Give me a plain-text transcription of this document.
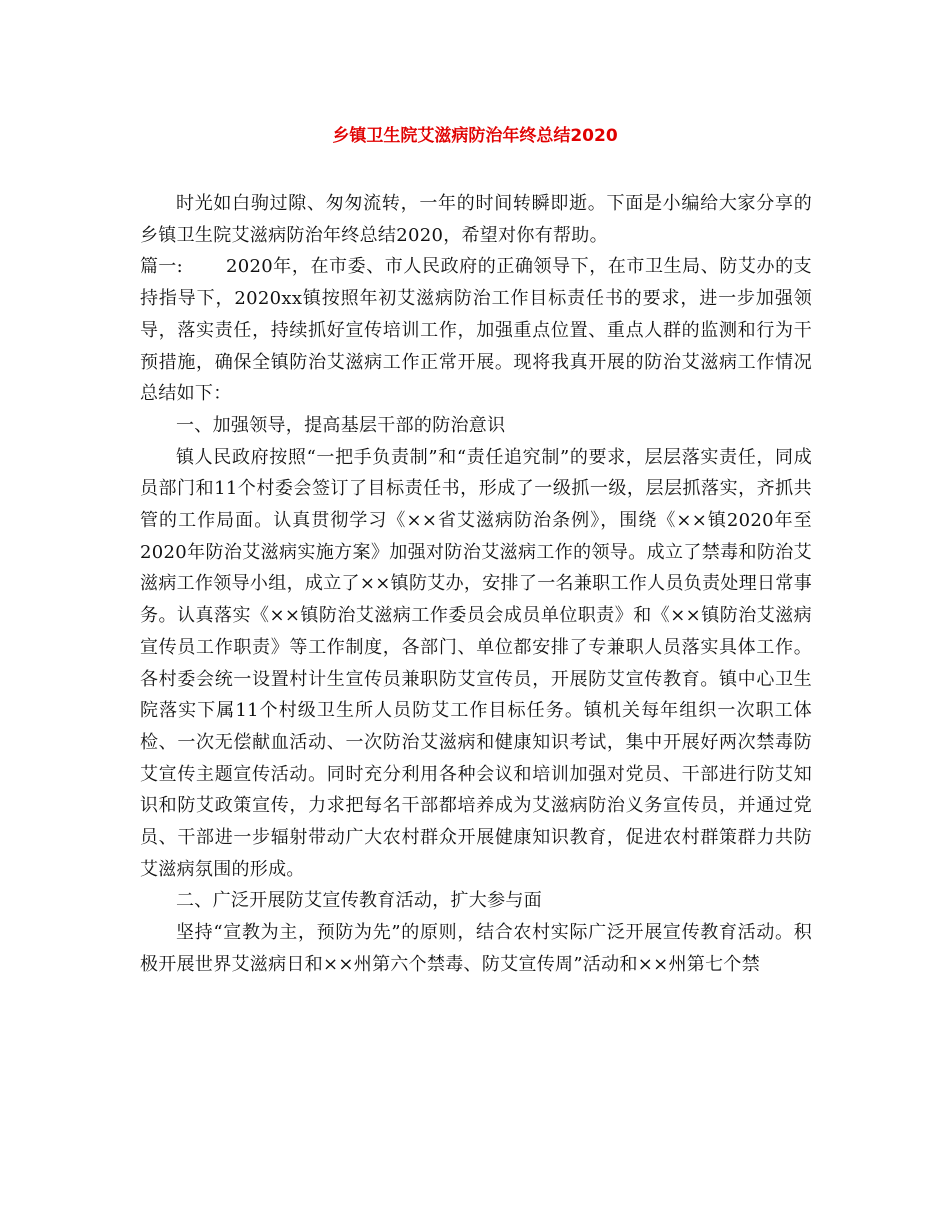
乡镇卫生院艾滋病防治年终总结2020

时光如白驹过隙、匆匆流转，一年的时间转瞬即逝。下面是小编给大家分享的乡镇卫生院艾滋病防治年终总结2020，希望对你有帮助。

篇一: 2020年，在市委、市人民政府的正确领导下，在市卫生局、防艾办的支持指导下，2020xx镇按照年初艾滋病防治工作目标责任书的要求，进一步加强领导，落实责任，持续抓好宣传培训工作，加强重点位置、重点人群的监测和行为干预措施，确保全镇防治艾滋病工作正常开展。现将我真开展的防治艾滋病工作情况总结如下：

一、加强领导，提高基层干部的防治意识

镇人民政府按照“一把手负责制”和“责任追究制”的要求，层层落实责任，同成员部门和11个村委会签订了目标责任书，形成了一级抓一级，层层抓落实，齐抓共管的工作局面。认真贯彻学习《××省艾滋病防治条例》，围绕《××镇2020年至2020年防治艾滋病实施方案》加强对防治艾滋病工作的领导。成立了禁毒和防治艾滋病工作领导小组，成立了××镇防艾办，安排了一名兼职工作人员负责处理日常事务。认真落实《××镇防治艾滋病工作委员会成员单位职责》和《××镇防治艾滋病宣传员工作职责》等工作制度，各部门、单位都安排了专兼职人员落实具体工作。各村委会统一设置村计生宣传员兼职防艾宣传员，开展防艾宣传教育。镇中心卫生院落实下属11个村级卫生所人员防艾工作目标任务。镇机关每年组织一次职工体检、一次无偿献血活动、一次防治艾滋病和健康知识考试，集中开展好两次禁毒防艾宣传主题宣传活动。同时充分利用各种会议和培训加强对党员、干部进行防艾知识和防艾政策宣传，力求把每名干部都培养成为艾滋病防治义务宣传员，并通过党员、干部进一步辐射带动广大农村群众开展健康知识教育，促进农村群策群力共防艾滋病氛围的形成。

二、广泛开展防艾宣传教育活动，扩大参与面

坚持“宣教为主，预防为先”的原则，结合农村实际广泛开展宣传教育活动。积极开展世界艾滋病日和××州第六个禁毒、防艾宣传周”活动和××州第七个禁
